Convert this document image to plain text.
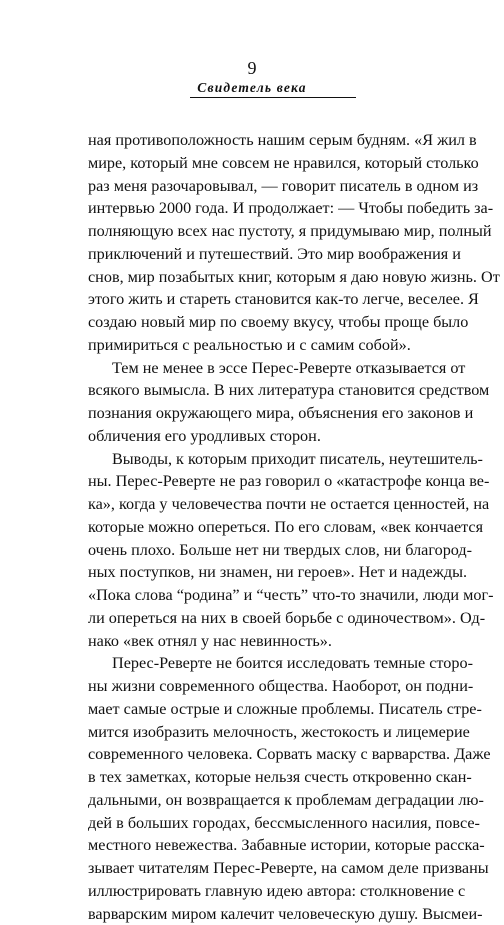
9
Свидетель века
ная противоположность нашим серым будням. «Я жил в
мире, который мне совсем не нравился, который столько
раз меня разочаровывал, — говорит писатель в одном из
интервью 2000 года. И продолжает: — Чтобы победить за-
полняющую всех нас пустоту, я придумываю мир, полный
приключений и путешествий. Это мир воображения и
снов, мир позабытых книг, которым я даю новую жизнь. От
этого жить и стареть становится как-то легче, веселее. Я
создаю новый мир по своему вкусу, чтобы проще было
примириться с реальностью и с самим собой».
Тем не менее в эссе Перес-Реверте отказывается от
всякого вымысла. В них литература становится средством
познания окружающего мира, объяснения его законов и
обличения его уродливых сторон.
Выводы, к которым приходит писатель, неутешитель-
ны. Перес-Реверте не раз говорил о «катастрофе конца ве-
ка», когда у человечества почти не остается ценностей, на
которые можно опереться. По его словам, «век кончается
очень плохо. Больше нет ни твердых слов, ни благород-
ных поступков, ни знамен, ни героев». Нет и надежды.
«Пока слова “родина” и “честь” что-то значили, люди мог-
ли опереться на них в своей борьбе с одиночеством». Од-
нако «век отнял у нас невинность».
Перес-Реверте не боится исследовать темные сторо-
ны жизни современного общества. Наоборот, он подни-
мает самые острые и сложные проблемы. Писатель стре-
мится изобразить мелочность, жестокость и лицемерие
современного человека. Сорвать маску с варварства. Даже
в тех заметках, которые нельзя счесть откровенно скан-
дальными, он возвращается к проблемам деградации лю-
дей в больших городах, бессмысленного насилия, повсе-
местного невежества. Забавные истории, которые расска-
зывает читателям Перес-Реверте, на самом деле призваны
иллюстрировать главную идею автора: столкновение с
варварским миром калечит человеческую душу. Высмеи-
